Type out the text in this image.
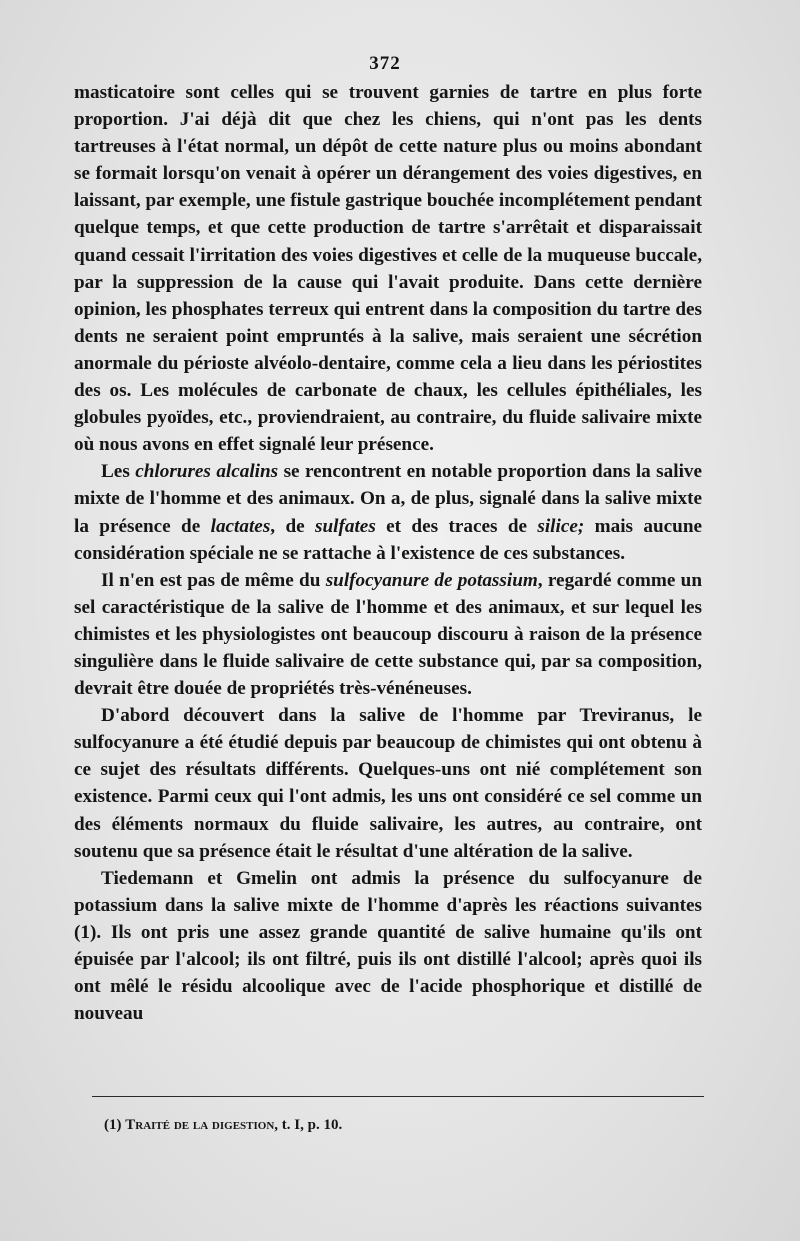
372

masticatoire sont celles qui se trouvent garnies de tartre en plus forte proportion. J'ai déjà dit que chez les chiens, qui n'ont pas les dents tartreuses à l'état normal, un dépôt de cette nature plus ou moins abondant se formait lorsqu'on venait à opérer un dérangement des voies digestives, en laissant, par exemple, une fistule gastrique bouchée incomplétement pendant quelque temps, et que cette production de tartre s'arrêtait et disparaissait quand cessait l'irritation des voies digestives et celle de la muqueuse buccale, par la suppression de la cause qui l'avait produite. Dans cette dernière opinion, les phosphates terreux qui entrent dans la composition du tartre des dents ne seraient point empruntés à la salive, mais seraient une sécrétion anormale du périoste alvéolo-dentaire, comme cela a lieu dans les périostites des os. Les molécules de carbonate de chaux, les cellules épithéliales, les globules pyoïdes, etc., proviendraient, au contraire, du fluide salivaire mixte où nous avons en effet signalé leur présence.

Les chlorures alcalins se rencontrent en notable proportion dans la salive mixte de l'homme et des animaux. On a, de plus, signalé dans la salive mixte la présence de lactates, de sulfates et des traces de silice; mais aucune considération spéciale ne se rattache à l'existence de ces substances.

Il n'en est pas de même du sulfocyanure de potassium, regardé comme un sel caractéristique de la salive de l'homme et des animaux, et sur lequel les chimistes et les physiologistes ont beaucoup discouru à raison de la présence singulière dans le fluide salivaire de cette substance qui, par sa composition, devrait être douée de propriétés très-vénéneuses.

D'abord découvert dans la salive de l'homme par Treviranus, le sulfocyanure a été étudié depuis par beaucoup de chimistes qui ont obtenu à ce sujet des résultats différents. Quelques-uns ont nié complétement son existence. Parmi ceux qui l'ont admis, les uns ont considéré ce sel comme un des éléments normaux du fluide salivaire, les autres, au contraire, ont soutenu que sa présence était le résultat d'une altération de la salive.

Tiedemann et Gmelin ont admis la présence du sulfocyanure de potassium dans la salive mixte de l'homme d'après les réactions suivantes (1). Ils ont pris une assez grande quantité de salive humaine qu'ils ont épuisée par l'alcool; ils ont filtré, puis ils ont distillé l'alcool; après quoi ils ont mêlé le résidu alcoolique avec de l'acide phosphorique et distillé de nouveau

(1) Traité de la digestion, t. I, p. 10.
